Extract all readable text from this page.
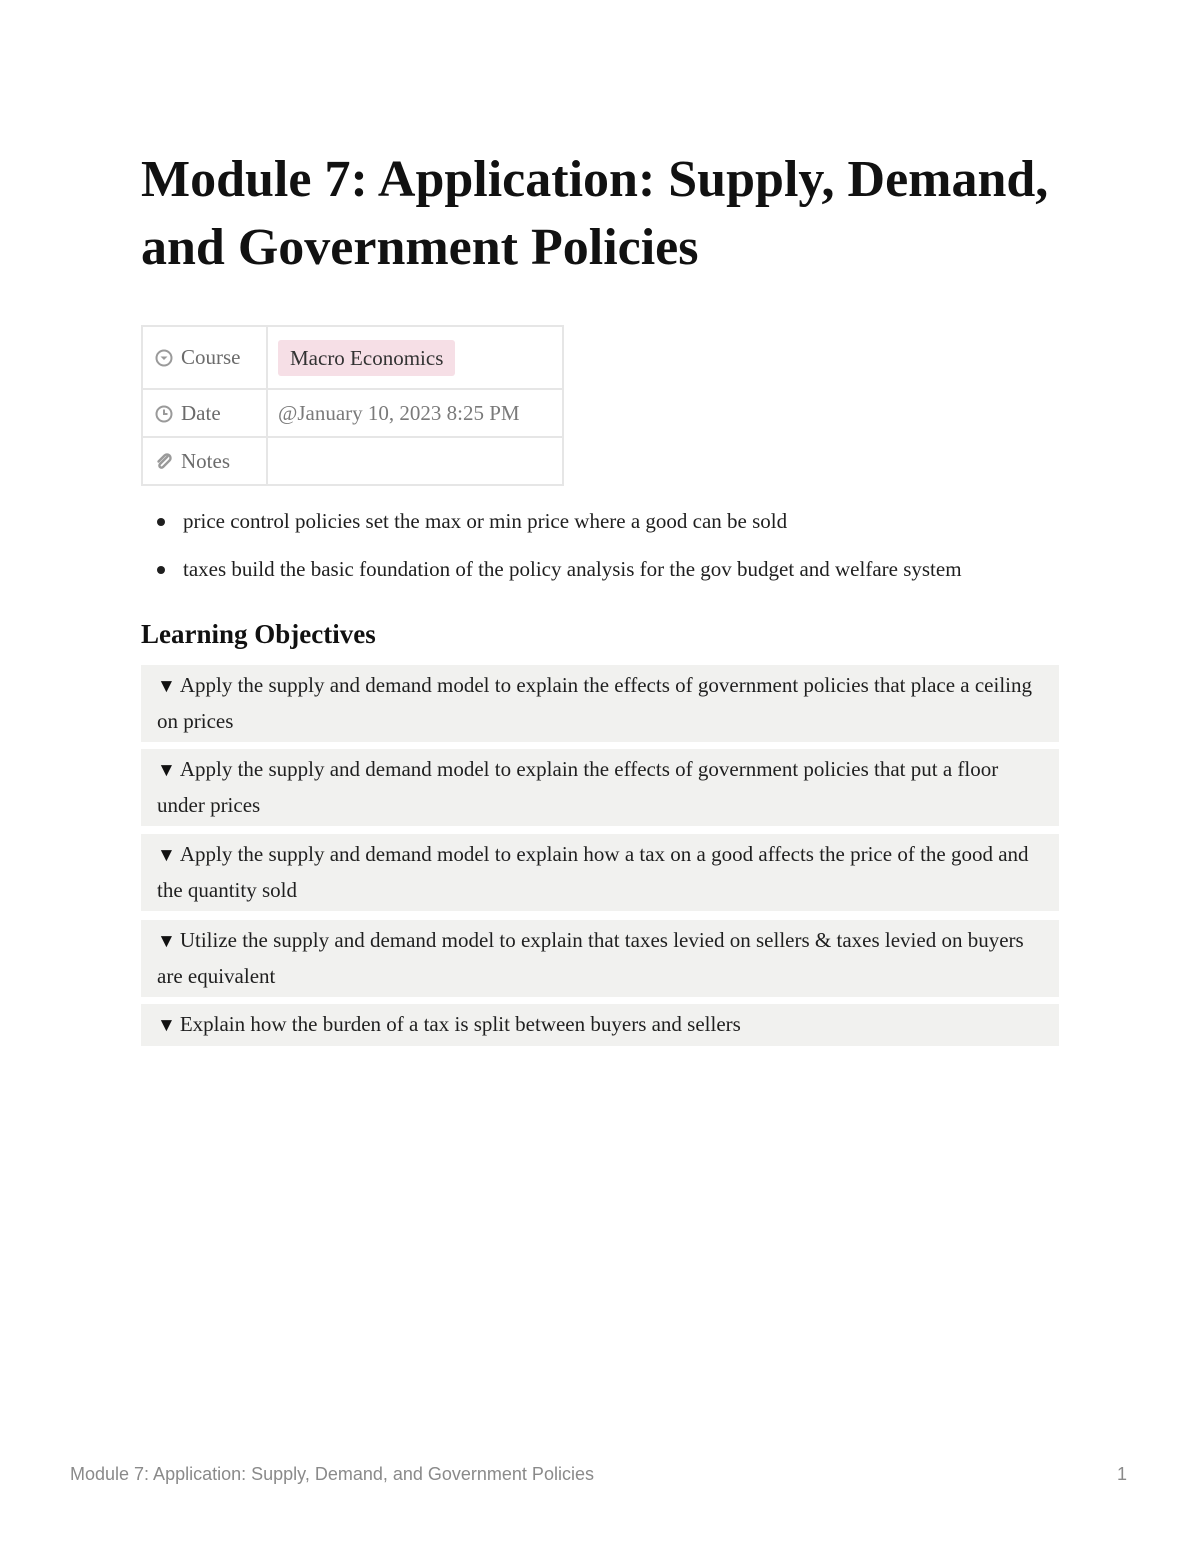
Module 7: Application: Supply, Demand, and Government Policies
Course	Macro Economics
Date	@January 10, 2023 8:25 PM
Notes	
price control policies set the max or min price where a good can be sold
taxes build the basic foundation of the policy analysis for the gov budget and welfare system
Learning Objectives
▼ Apply the supply and demand model to explain the effects of government policies that place a ceiling on prices
▼ Apply the supply and demand model to explain the effects of government policies that put a floor under prices
▼ Apply the supply and demand model to explain how a tax on a good affects the price of the good and the quantity sold
▼ Utilize the supply and demand model to explain that taxes levied on sellers & taxes levied on buyers are equivalent
▼ Explain how the burden of a tax is split between buyers and sellers
Module 7: Application: Supply, Demand, and Government Policies	1
